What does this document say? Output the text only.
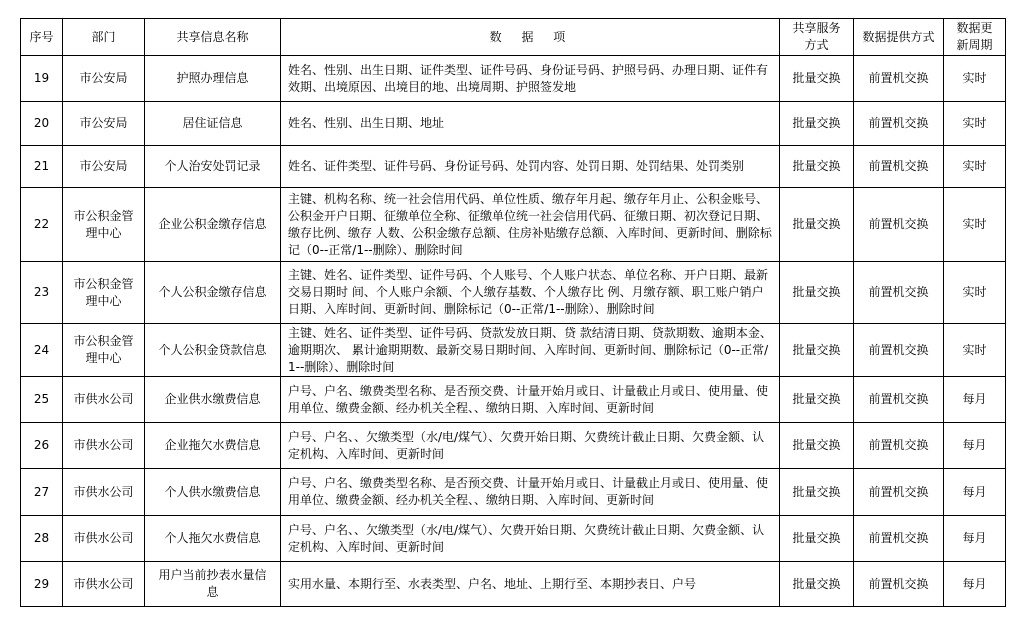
序号	部门	共享信息名称	数 据 项	共享服务方式	数据提供方式	数据更新周期
19	市公安局	护照办理信息	姓名、性别、出生日期、证件类型、证件号码、身份证号码、护照号码、办理日期、证件有效期、出境原因、出境目的地、出境周期、护照签发地	批量交换	前置机交换	实时
20	市公安局	居住证信息	姓名、性别、出生日期、地址	批量交换	前置机交换	实时
21	市公安局	个人治安处罚记录	姓名、证件类型、证件号码、身份证号码、处罚内容、处罚日期、处罚结果、处罚类别	批量交换	前置机交换	实时
22	市公积金管理中心	企业公积金缴存信息	主键、机构名称、统一社会信用代码、单位性质、缴存年月起、缴存年月止、公积金账号、公积金开户日期、征缴单位全称、征缴单位统一社会信用代码、征缴日期、初次登记日期、缴存比例、缴存 人数、公积金缴存总额、住房补贴缴存总额、入库时间、更新时间、删除标记（0--正常/1--删除）、删除时间	批量交换	前置机交换	实时
23	市公积金管理中心	个人公积金缴存信息	主键、姓名、证件类型、证件号码、个人账号、个人账户状态、单位名称、开户日期、最新交易日期时 间、个人账户余额、个人缴存基数、个人缴存比 例、月缴存额、职工账户销户日期、入库时间、更新时间、删除标记（0--正常/1--删除）、删除时间	批量交换	前置机交换	实时
24	市公积金管理中心	个人公积金贷款信息	主键、姓名、证件类型、证件号码、贷款发放日期、贷 款结清日期、贷款期数、逾期本金、逾期期次、 累计逾期期数、最新交易日期时间、入库时间、更新时间、删除标记（0--正常/1--删除）、删除时间	批量交换	前置机交换	实时
25	市供水公司	企业供水缴费信息	户号、户名、缴费类型名称、是否预交费、计量开始月或日、计量截止月或日、使用量、使用单位、缴费金额、经办机关全程、、缴纳日期、入库时间、更新时间	批量交换	前置机交换	每月
26	市供水公司	企业拖欠水费信息	户号、户名、、欠缴类型（水/电/煤气）、欠费开始日期、欠费统计截止日期、欠费金额、认定机构、入库时间、更新时间	批量交换	前置机交换	每月
27	市供水公司	个人供水缴费信息	户号、户名、缴费类型名称、是否预交费、计量开始月或日、计量截止月或日、使用量、使用单位、缴费金额、经办机关全程、、缴纳日期、入库时间、更新时间	批量交换	前置机交换	每月
28	市供水公司	个人拖欠水费信息	户号、户名、、欠缴类型（水/电/煤气）、欠费开始日期、欠费统计截止日期、欠费金额、认定机构、入库时间、更新时间	批量交换	前置机交换	每月
29	市供水公司	用户当前抄表水量信息	实用水量、本期行至、水表类型、户名、地址、上期行至、本期抄表日、户号	批量交换	前置机交换	每月
